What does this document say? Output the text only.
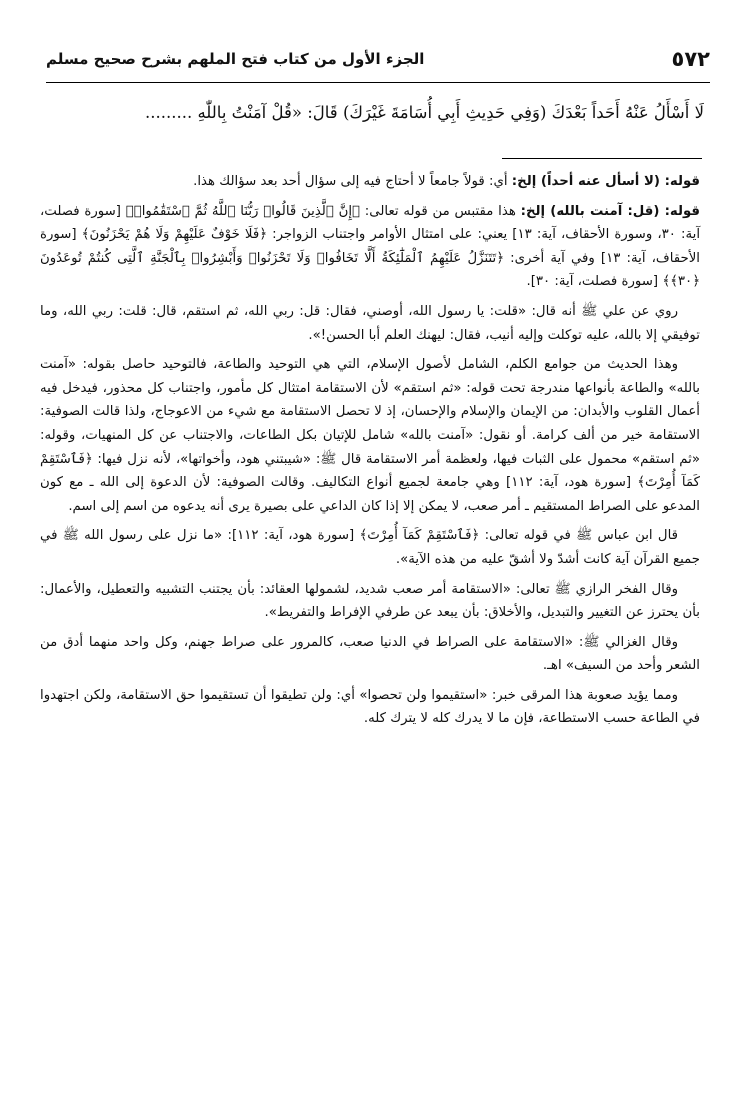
٥٧٢
الجزء الأول من كتاب فتح الملهم بشرح صحيح مسلم
لَا أَسْأَلُ عَنْهُ أَحَداً بَعْدَكَ (وَفِي حَدِيثِ أَبِي أُسَامَةَ غَيْرَكَ) قَالَ: «قُلْ آمَنْتُ بِاللّٰهِ .........

قوله: (لا أسأل عنه أحداً) إلخ: أي: قولاً جامعاً لا أحتاج فيه إلى سؤال أحد بعد سؤالك هذا.

قوله: (قل: آمنت بالله) إلخ: هذا مقتبس من قوله تعالى: ﴿إِنَّ ٱلَّذِينَ قَالُوا۟ رَبُّنَا ٱللَّهُ ثُمَّ ٱسْتَقَٰمُوا۟﴾ [سورة فصلت، آية: ٣٠، وسورة الأحقاف، آية: ١٣] يعني: على امتثال الأوامر واجتناب الزواجر: ﴿فَلَا خَوْفٌ عَلَيْهِمْ وَلَا هُمْ يَحْزَنُونَ﴾ [سورة الأحقاف، آية: ١٣] وفي آية أخرى: ﴿تَتَنَزَّلُ عَلَيْهِمُ ٱلْمَلَٰٓئِكَةُ أَلَّا تَخَافُوا۟ وَلَا تَحْزَنُوا۟ وَأَبْشِرُوا۟ بِٱلْجَنَّةِ ٱلَّتِى كُنتُمْ تُوعَدُونَ ﴿٣٠﴾﴾ [سورة فصلت، آية: ٣٠].

روي عن علي ﷺ أنه قال: «قلت: يا رسول الله، أوصني، فقال: قل: ربي الله، ثم استقم، قال: قلت: ربي الله، وما توفيقي إلا بالله، عليه توكلت وإليه أنيب، فقال: ليهنك العلم أبا الحسن!».

وهذا الحديث من جوامع الكلم، الشامل لأصول الإسلام، التي هي التوحيد والطاعة، فالتوحيد حاصل بقوله: «آمنت بالله» والطاعة بأنواعها مندرجة تحت قوله: «ثم استقم» لأن الاستقامة امتثال كل مأمور، واجتناب كل محذور، فيدخل فيه أعمال القلوب والأبدان: من الإيمان والإسلام والإحسان، إذ لا تحصل الاستقامة مع شيء من الاعوجاج، ولذا قالت الصوفية: الاستقامة خير من ألف كرامة. أو نقول: «آمنت بالله» شامل للإتيان بكل الطاعات، والاجتناب عن كل المنهيات، وقوله: «ثم استقم» محمول على الثبات فيها، ولعظمة أمر الاستقامة قال ﷺ: «شيبتني هود، وأخواتها»، لأنه نزل فيها: ﴿فَٱسْتَقِمْ كَمَآ أُمِرْتَ﴾ [سورة هود، آية: ١١٢] وهي جامعة لجميع أنواع التكاليف. وقالت الصوفية: لأن الدعوة إلى الله ـ مع كون المدعو على الصراط المستقيم ـ أمر صعب، لا يمكن إلا إذا كان الداعي على بصيرة يرى أنه يدعوه من اسم إلى اسم.

قال ابن عباس ﷺ في قوله تعالى: ﴿فَٱسْتَقِمْ كَمَآ أُمِرْتَ﴾ [سورة هود، آية: ١١٢]: «ما نزل على رسول الله ﷺ في جميع القرآن آية كانت أشدّ ولا أشقّ عليه من هذه الآية».

وقال الفخر الرازي ﷺ تعالى: «الاستقامة أمر صعب شديد، لشمولها العقائد: بأن يجتنب التشبيه والتعطيل، والأعمال: بأن يحترز عن التغيير والتبديل، والأخلاق: بأن يبعد عن طرفي الإفراط والتفريط».

وقال الغزالي ﷺ: «الاستقامة على الصراط في الدنيا صعب، كالمرور على صراط جهنم، وكل واحد منهما أدق من الشعر وأحد من السيف» اهـ.

ومما يؤيد صعوبة هذا المرقى خبر: «استقيموا ولن تحصوا» أي: ولن تطيقوا أن تستقيموا حق الاستقامة، ولكن اجتهدوا في الطاعة حسب الاستطاعة، فإن ما لا يدرك كله لا يترك كله.
